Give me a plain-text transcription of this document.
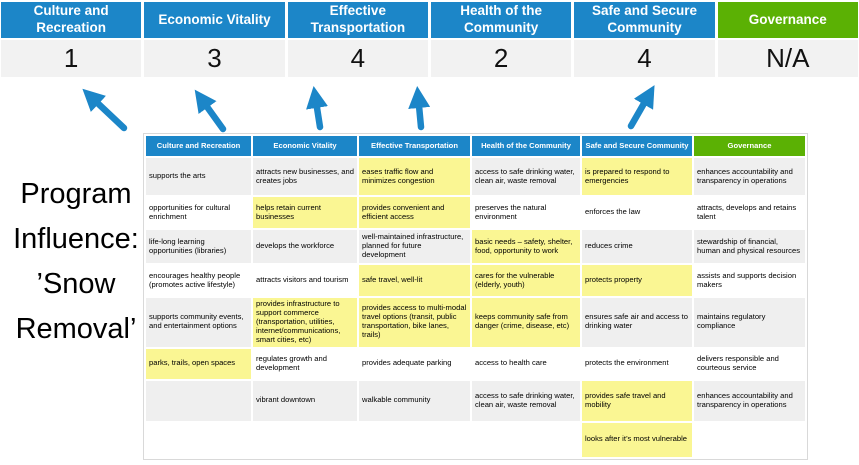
Culture and Recreation
1
Economic Vitality
3
Effective Transportation
4
Health of the Community
2
Safe and Secure Community
4
Governance
N/A
Program Influence: ’Snow Removal’
Culture and Recreation	Economic Vitality	Effective Transportation	Health of the Community	Safe and Secure Community	Governance
supports the arts	attracts new businesses, and creates jobs	eases traffic flow and minimizes congestion	access to safe drinking water, clean air, waste removal	is prepared to respond to emergencies	enhances accountability and transparency in operations
opportunities for cultural enrichment	helps retain current businesses	provides convenient and efficient access	preserves the natural environment	enforces the law	attracts, develops and retains talent
life-long learning opportunities (libraries)	develops the workforce	well-maintained infrastructure, planned for future development	basic needs – safety, shelter, food, opportunity to work	reduces crime	stewardship of financial, human and physical resources
encourages healthy people (promotes active lifestyle)	attracts visitors and tourism	safe travel, well-lit	cares for the vulnerable (elderly, youth)	protects property	assists and supports decision makers
supports community events, and entertainment options	provides infrastructure to support commerce (transportation, utilities, internet/communications, smart cities, etc)	provides access to multi-modal travel options (transit, public transportation, bike lanes, trails)	keeps community safe from danger (crime, disease, etc)	ensures safe air and access to drinking water	maintains regulatory compliance
parks, trails, open spaces	regulates growth and development	provides adequate parking	access to health care	protects the environment	delivers responsible and courteous service
	vibrant downtown	walkable community	access to safe drinking water, clean air, waste removal	provides safe travel and mobility	enhances accountability and transparency in operations
				looks after it’s most vulnerable	
